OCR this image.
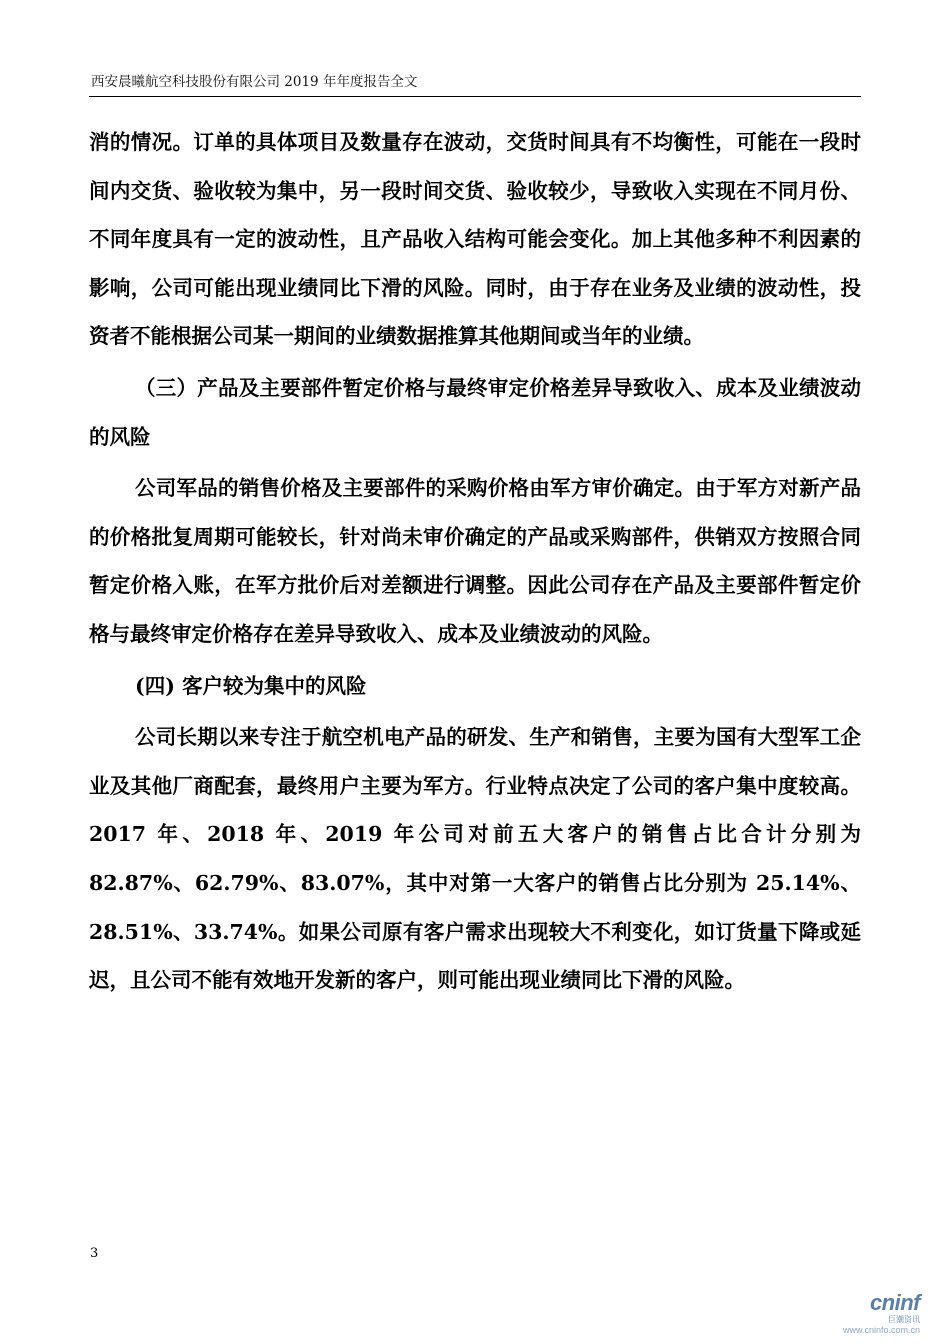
西安晨曦航空科技股份有限公司 2019 年年度报告全文

消的情况。订单的具体项目及数量存在波动，交货时间具有不均衡性，可能在一段时间内交货、验收较为集中，另一段时间交货、验收较少，导致收入实现在不同月份、不同年度具有一定的波动性，且产品收入结构可能会变化。加上其他多种不利因素的影响，公司可能出现业绩同比下滑的风险。同时，由于存在业务及业绩的波动性，投资者不能根据公司某一期间的业绩数据推算其他期间或当年的业绩。

（三）产品及主要部件暂定价格与最终审定价格差异导致收入、成本及业绩波动的风险

公司军品的销售价格及主要部件的采购价格由军方审价确定。由于军方对新产品的价格批复周期可能较长，针对尚未审价确定的产品或采购部件，供销双方按照合同暂定价格入账，在军方批价后对差额进行调整。因此公司存在产品及主要部件暂定价格与最终审定价格存在差异导致收入、成本及业绩波动的风险。

(四) 客户较为集中的风险

公司长期以来专注于航空机电产品的研发、生产和销售，主要为国有大型军工企业及其他厂商配套，最终用户主要为军方。行业特点决定了公司的客户集中度较高。2017 年、2018 年、2019 年公司对前五大客户的销售占比合计分别为 82.87%、62.79%、83.07%，其中对第一大客户的销售占比分别为 25.14%、28.51%、33.74%。如果公司原有客户需求出现较大不利变化，如订货量下降或延迟，且公司不能有效地开发新的客户，则可能出现业绩同比下滑的风险。

3
cninf
巨潮资讯
www.cninfo.com.cn
